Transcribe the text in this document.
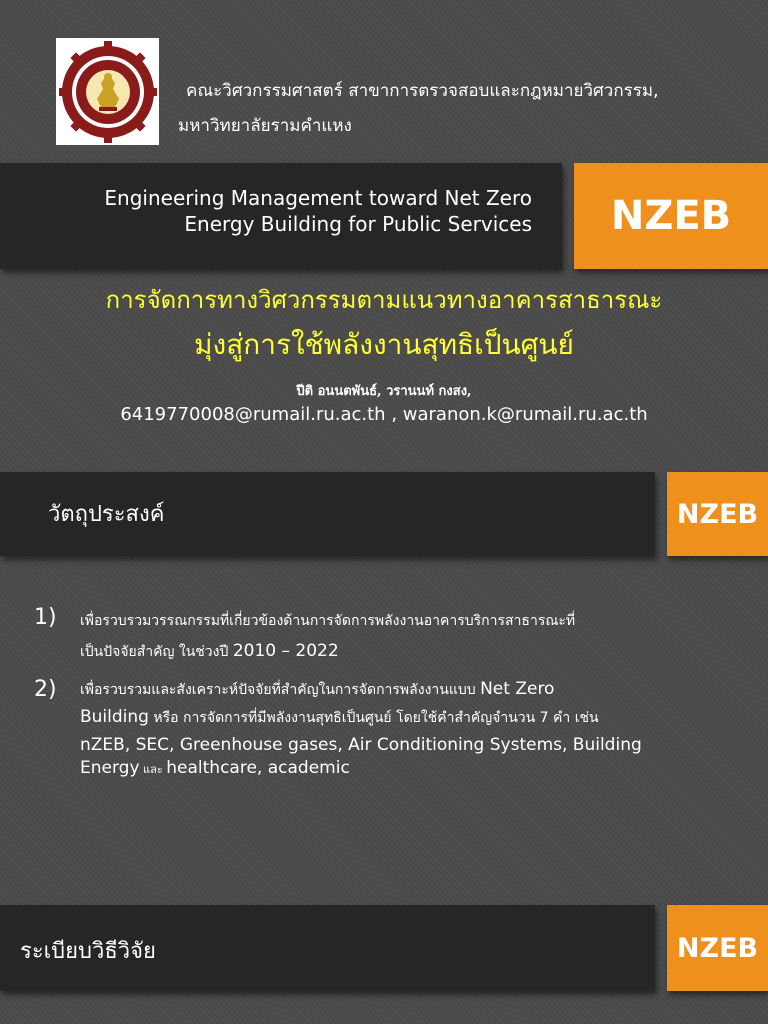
คณะวิศวกรรมศาสตร์ สาขาการตรวจสอบและกฎหมายวิศวกรรม,
มหาวิทยาลัยรามคำแหง
Engineering Management toward Net Zero
Energy Building for Public Services	NZEB
การจัดการทางวิศวกรรมตามแนวทางอาคารสาธารณะ
มุ่งสู่การใช้พลังงานสุทธิเป็นศูนย์
ปีติ อนนตพันธ์, วรานนท์ กงสง,
6419770008@rumail.ru.ac.th , waranon.k@rumail.ru.ac.th
วัตถุประสงค์	NZEB
1) เพื่อรวบรวมวรรณกรรมที่เกี่ยวข้องด้านการจัดการพลังงานอาคารบริการสาธารณะที่
เป็นปัจจัยสำคัญ ในช่วงปี 2010 – 2022
2) เพื่อรวบรวมและสังเคราะห์ปัจจัยที่สำคัญในการจัดการพลังงานแบบ Net Zero
Building หรือ การจัดการที่มีพลังงานสุทธิเป็นศูนย์ โดยใช้คำสำคัญจำนวน 7 คำ เช่น
nZEB, SEC, Greenhouse gases, Air Conditioning Systems, Building
Energy และ healthcare, academic
ระเบียบวิธีวิจัย	NZEB
